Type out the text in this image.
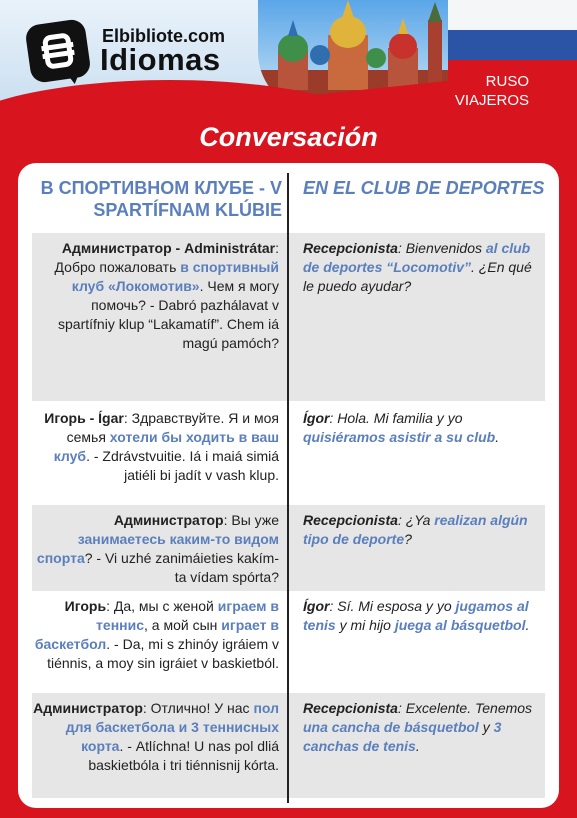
Elbibliote.com
Idiomas
RUSO
VIAJEROS
Conversación
В СПОРТИВНОМ КЛУБЕ - V SPARTÍFNAM KLÚBIE
EN EL CLUB DE DEPORTES
Администратор - Administrátar: Добро пожаловать в спортивный клуб «Локомотив». Чем я могу помочь? - Dabró pazhálavat v spartífniy klup “Lakamatíf”. Chem iá magú pamóch?
Recepcionista: Bienvenidos al club de deportes “Locomotiv”. ¿En qué le puedo ayudar?
Игорь - Ígar: Здравствуйте. Я и моя семья хотели бы ходить в ваш клуб. - Zdrávstvuitie. Iá i maiá simiá jatiéli bi jadít v vash klup.
Ígor: Hola. Mi familia y yo quisiéramos asistir a su club.
Администратор: Вы уже занимаетесь каким-то видом спорта? - Vi uzhé zanimáieties kakím-ta vídam spórta?
Recepcionista: ¿Ya realizan algún tipo de deporte?
Игорь: Да, мы с женой играем в теннис, а мой сын играет в баскетбол. - Da, mi s zhinóy igráiem v tiénnis, a moy sin igráiet v baskietból.
Ígor: Sí. Mi esposa y yo jugamos al tenis y mi hijo juega al básquetbol.
Администратор: Отлично! У нас пол для баскетбола и 3 теннисных корта. - Atlíchna! U nas pol dliá baskietbóla i tri tiénnisnij kórta.
Recepcionista: Excelente. Tenemos una cancha de básquetbol y 3 canchas de tenis.
